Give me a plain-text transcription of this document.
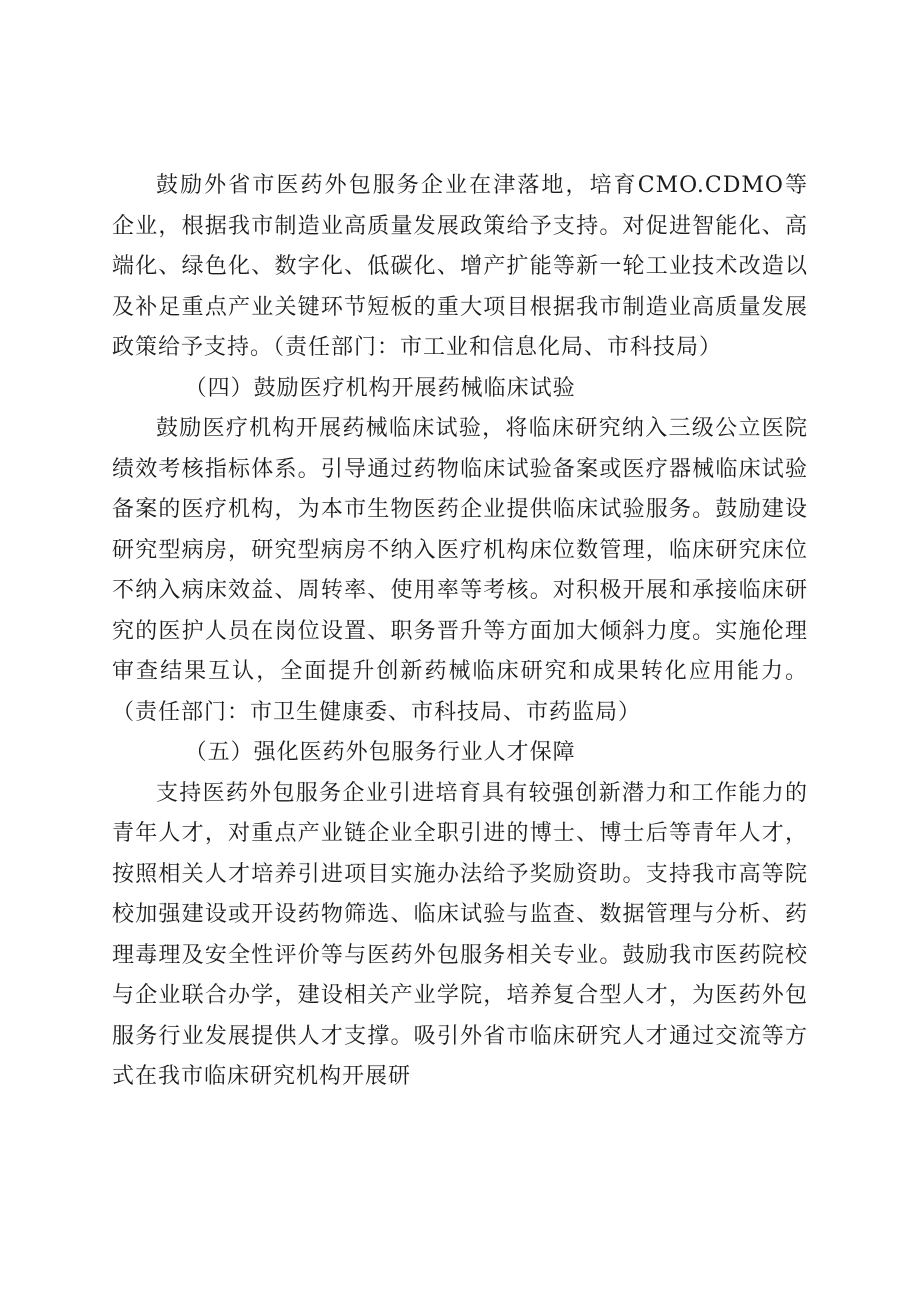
鼓励外省市医药外包服务企业在津落地，培育CMO.CDMO等企业，根据我市制造业高质量发展政策给予支持。对促进智能化、高端化、绿色化、数字化、低碳化、增产扩能等新一轮工业技术改造以及补足重点产业关键环节短板的重大项目根据我市制造业高质量发展政策给予支持。（责任部门：市工业和信息化局、市科技局）

（四）鼓励医疗机构开展药械临床试验

鼓励医疗机构开展药械临床试验，将临床研究纳入三级公立医院绩效考核指标体系。引导通过药物临床试验备案或医疗器械临床试验备案的医疗机构，为本市生物医药企业提供临床试验服务。鼓励建设研究型病房，研究型病房不纳入医疗机构床位数管理，临床研究床位不纳入病床效益、周转率、使用率等考核。对积极开展和承接临床研究的医护人员在岗位设置、职务晋升等方面加大倾斜力度。实施伦理审查结果互认，全面提升创新药械临床研究和成果转化应用能力。（责任部门：市卫生健康委、市科技局、市药监局）

（五）强化医药外包服务行业人才保障

支持医药外包服务企业引进培育具有较强创新潜力和工作能力的青年人才，对重点产业链企业全职引进的博士、博士后等青年人才，按照相关人才培养引进项目实施办法给予奖励资助。支持我市高等院校加强建设或开设药物筛选、临床试验与监查、数据管理与分析、药理毒理及安全性评价等与医药外包服务相关专业。鼓励我市医药院校与企业联合办学，建设相关产业学院，培养复合型人才，为医药外包服务行业发展提供人才支撑。吸引外省市临床研究人才通过交流等方式在我市临床研究机构开展研
